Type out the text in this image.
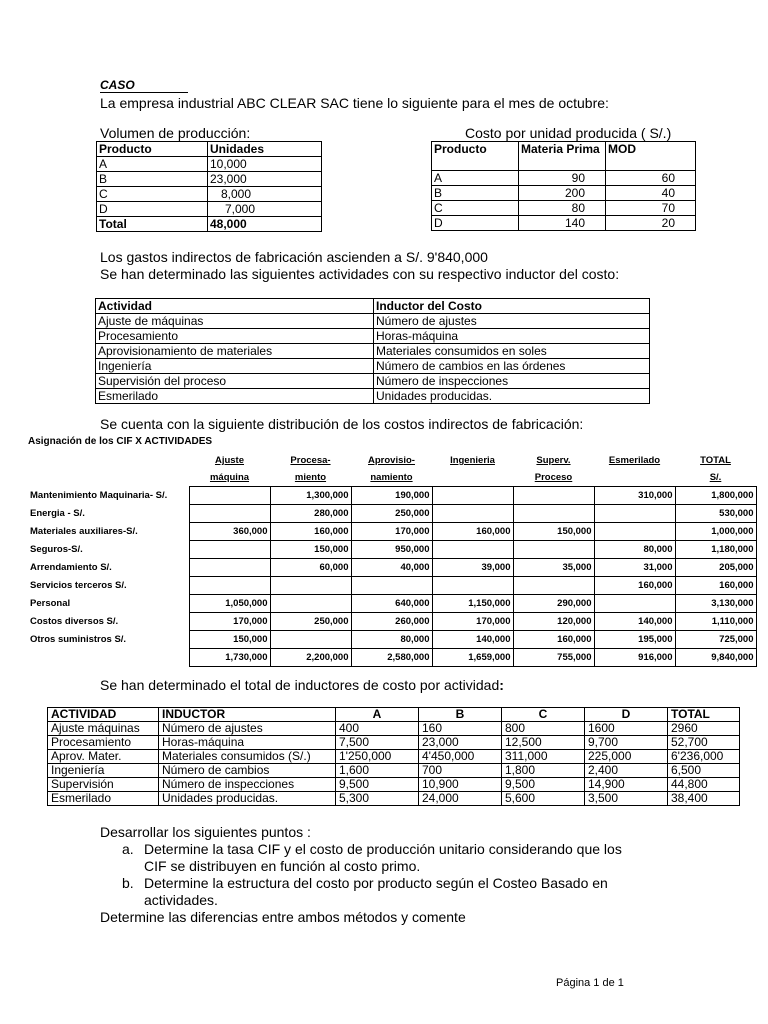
CASO
La empresa industrial ABC CLEAR SAC tiene lo siguiente para el mes de octubre:
Volumen de producción:
Producto	Unidades
A	10,000
B	23,000
C	8,000
D	7,000
Total	48,000
Costo por unidad producida ( S/.)
Producto	Materia Prima	MOD
A	90	60
B	200	40
C	80	70
D	140	20
Los gastos indirectos de fabricación ascienden a S/. 9'840,000
Se han determinado las siguientes actividades con su respectivo inductor del costo:
Actividad	Inductor del Costo
Ajuste de máquinas	Número de ajustes
Procesamiento	Horas-máquina
Aprovisionamiento de materiales	Materiales consumidos en soles
Ingeniería	Número de cambios en las órdenes
Supervisión del proceso	Número de inspecciones
Esmerilado	Unidades producidas.
Se cuenta con la siguiente distribución de los costos indirectos de fabricación:
Asignación de los CIF X ACTIVIDADES
	Ajuste	Procesa-	Aprovisio-	Ingenieria	Superv.	Esmerilado	TOTAL
	máquina	miento	namiento		Proceso		S/.
Mantenimiento Maquinaria- S/.		1,300,000	190,000			310,000	1,800,000
Energia - S/.		280,000	250,000				530,000
Materiales auxiliares-S/.	360,000	160,000	170,000	160,000	150,000		1,000,000
Seguros-S/.		150,000	950,000			80,000	1,180,000
Arrendamiento S/.		60,000	40,000	39,000	35,000	31,000	205,000
Servicios terceros S/.						160,000	160,000
Personal	1,050,000		640,000	1,150,000	290,000		3,130,000
Costos diversos S/.	170,000	250,000	260,000	170,000	120,000	140,000	1,110,000
Otros suministros S/.	150,000		80,000	140,000	160,000	195,000	725,000
	1,730,000	2,200,000	2,580,000	1,659,000	755,000	916,000	9,840,000
Se han determinado el total de inductores de costo por actividad:
ACTIVIDAD	INDUCTOR	A	B	C	D	TOTAL
Ajuste máquinas	Número de ajustes	400	160	800	1600	2960
Procesamiento	Horas-máquina	7,500	23,000	12,500	9,700	52,700
Aprov. Mater.	Materiales consumidos (S/.)	1'250,000	4'450,000	311,000	225,000	6'236,000
Ingeniería	Número de cambios	1,600	700	1,800	2,400	6,500
Supervisión	Número de inspecciones	9,500	10,900	9,500	14,900	44,800
Esmerilado	Unidades producidas.	5,300	24,000	5,600	3,500	38,400
Desarrollar los siguientes puntos :
a. Determine la tasa CIF y el costo de producción unitario considerando que los
CIF se distribuyen en función al costo primo.
b. Determine la estructura del costo por producto según el Costeo Basado en
actividades.
Determine las diferencias entre ambos métodos y comente
Página 1 de 1
